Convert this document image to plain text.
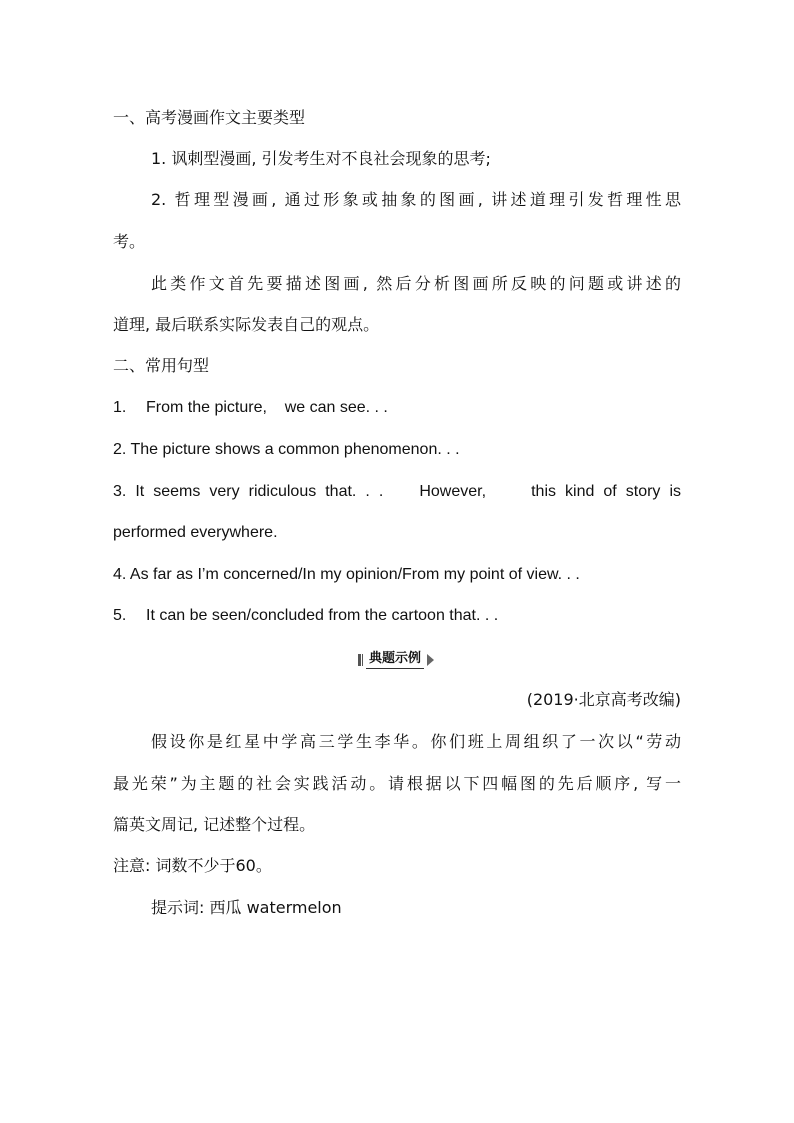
一、高考漫画作文主要类型
1. 讽刺型漫画, 引发考生对不良社会现象的思考;
2. 哲理型漫画, 通过形象或抽象的图画, 讲述道理引发哲理性思
考。
此类作文首先要描述图画, 然后分析图画所反映的问题或讲述的
道理, 最后联系实际发表自己的观点。
二、常用句型
1. From the picture,    we can see. . .
2. The picture shows a common phenomenon. . .
3. It seems very ridiculous that. . .    However,     this kind of story is
performed everywhere.
4. As far as I’m concerned/In my opinion/From my point of view. . .
5. It can be seen/concluded from the cartoon that. . .
典题示例
(2019·北京高考改编)
假设你是红星中学高三学生李华。你们班上周组织了一次以“劳动
最光荣”为主题的社会实践活动。请根据以下四幅图的先后顺序, 写一
篇英文周记, 记述整个过程。
注意: 词数不少于60。
提示词: 西瓜 watermelon
